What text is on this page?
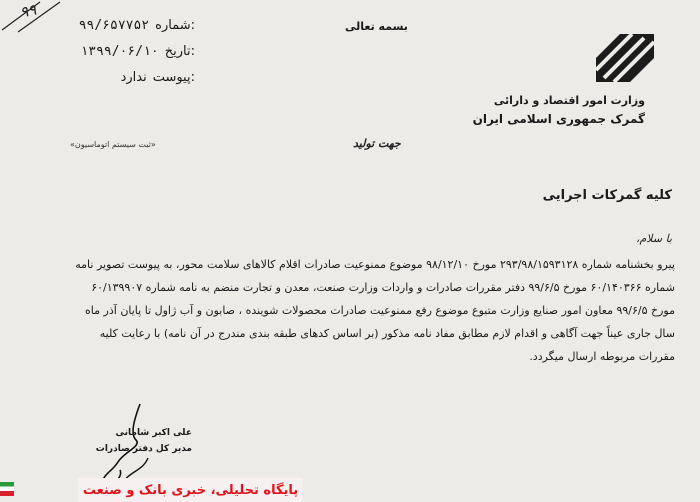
۹۹
بسمه تعالی
شماره:
۹۹/۶۵۷۷۵۲
تاریخ:
۱۳۹۹/۰۶/۱۰
پیوست:
ندارد
«ثبت سیستم اتوماسیون»
وزارت امور اقتصاد و دارائی
گمرک جمهوری اسلامی ایران
جهت تولید
کلیه گمرکات اجرایی
با سلام،
پیرو بخشنامه شماره ۲۹۳/۹۸/۱۵۹۳۱۲۸ مورخ ۹۸/۱۲/۱۰ موضوع ممنوعیت صادرات اقلام کالاهای سلامت محور، به پیوست تصویر نامه
شماره ۶۰/۱۴۰۳۶۶ مورخ ۹۹/۶/۵ دفتر مقررات صادرات و واردات وزارت صنعت، معدن و تجارت منضم به نامه شماره ۶۰/۱۳۹۹۰۷
مورخ ۹۹/۶/۵ معاون امور صنایع وزارت متبوع موضوع رفع ممنوعیت صادرات محصولات شوینده ، صابون و آب ژاول تا پایان آذر ماه
سال جاری عیناً جهت آگاهی و اقدام لازم مطابق مفاد نامه مذکور (بر اساس کدهای طبقه بندی مندرج در آن نامه) با رعایت کلیه
مقررات مربوطه ارسال میگردد.
علی اکبر شامانی
مدیر کل دفتر صادرات
پایگاه تحلیلی، خبری بانک و صنعت
